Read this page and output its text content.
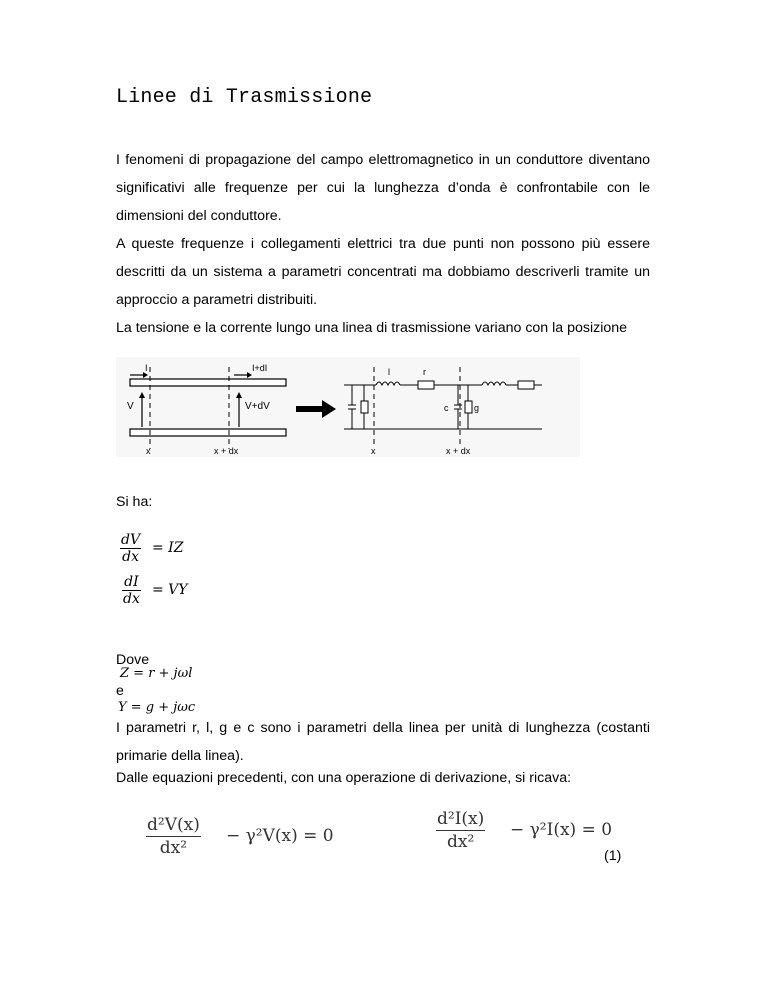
Linee di Trasmissione
I fenomeni di propagazione del campo elettromagnetico in un conduttore diventano significativi alle frequenze per cui la lunghezza d’onda è confrontabile con le dimensioni del conduttore.
A queste frequenze i collegamenti elettrici tra due punti non possono più essere descritti da un sistema a parametri concentrati ma dobbiamo descriverli tramite un approccio a parametri distribuiti.
La tensione e la corrente lungo una linea di trasmissione variano con la posizione
I	I+dI
V	V+dV
x	x + dx
l	r
c	g
x	x + dx
Si ha:
dV
dx
= IZ
dI
dx
= VY
Dove
Z = r + jωl
e
Y = g + jωc
I parametri r, l, g e c sono i parametri della linea per unità di lunghezza (costanti primarie della linea).
Dalle equazioni precedenti, con una operazione di derivazione, si ricava:
d²V(x)
dx²
− γ²V(x) = 0
d²I(x)
dx²
− γ²I(x) = 0
(1)
